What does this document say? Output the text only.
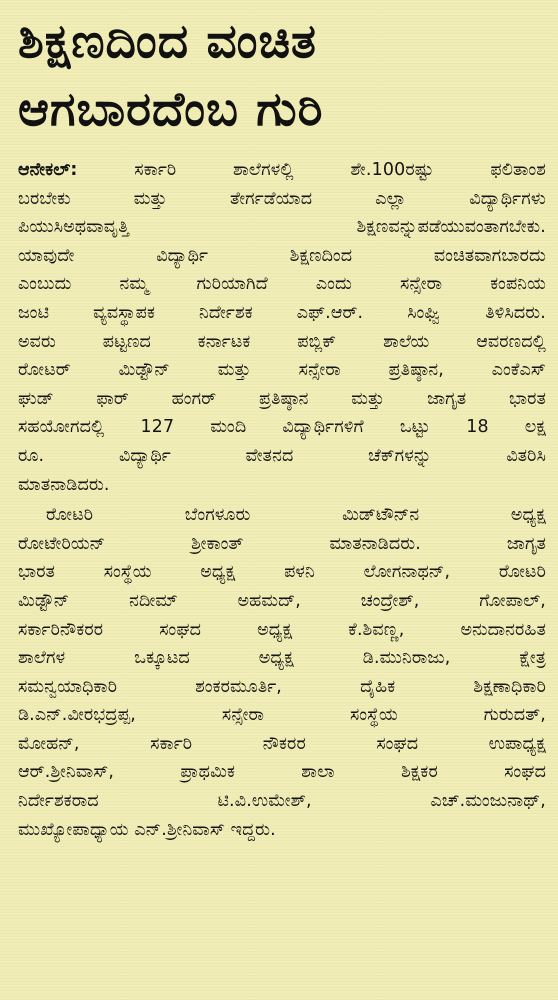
ಶಿಕ್ಷಣದಿಂದ ವಂಚಿತ
ಆಗಬಾರದೆಂಬ ಗುರಿ

ಆನೇಕಲ್: ಸರ್ಕಾರಿ ಶಾಲೆಗಳಲ್ಲಿ ಶೇ.100ರಷ್ಟು ಫಲಿತಾಂಶ
ಬರಬೇಕು ಮತ್ತು ತೇರ್ಗಡೆಯಾದ ಎಲ್ಲಾ ವಿದ್ಯಾರ್ಥಿಗಳು
ಪಿಯುಸಿಅಥವಾವೃತ್ತಿ ಶಿಕ್ಷಣವನ್ನುಪಡೆಯುವಂತಾಗಬೇಕು.
ಯಾವುದೇ ವಿದ್ಯಾರ್ಥಿ ಶಿಕ್ಷಣದಿಂದ ವಂಚಿತವಾಗಬಾರದು
ಎಂಬುದು ನಮ್ಮ ಗುರಿಯಾಗಿದೆ ಎಂದು ಸನ್ಸೇರಾ ಕಂಪನಿಯ
ಜಂಟಿ ವ್ಯವಸ್ಥಾಪಕ ನಿರ್ದೇಶಕ ಎಫ್.ಆರ್. ಸಿಂಘ್ವಿ ತಿಳಿಸಿದರು.
ಅವರು ಪಟ್ಟಣದ ಕರ್ನಾಟಕ ಪಬ್ಲಿಕ್ ಶಾಲೆಯ ಆವರಣದಲ್ಲಿ
ರೋಟರ್ ಮಿಡ್ಟೌನ್ ಮತ್ತು ಸನ್ಸೇರಾ ಪ್ರತಿಷ್ಠಾನ, ಎಂಕೆಎಸ್
ಘುಡ್ ಫಾರ್ ಹಂಗರ್ ಪ್ರತಿಷ್ಠಾನ ಮತ್ತು ಜಾಗೃತ ಭಾರತ
ಸಹಯೋಗದಲ್ಲಿ 127 ಮಂದಿ ವಿದ್ಯಾರ್ಥಿಗಳಿಗೆ ಒಟ್ಟು 18 ಲಕ್ಷ
ರೂ. ವಿದ್ಯಾರ್ಥಿ ವೇತನದ ಚೆಕ್‌ಗಳನ್ನು ವಿತರಿಸಿ
ಮಾತನಾಡಿದರು.

ರೋಟರಿ ಬೆಂಗಳೂರು ಮಿಡ್‌ಟೌನ್‌ನ ಅಧ್ಯಕ್ಷ
ರೋಟೇರಿಯನ್ ಶ್ರೀಕಾಂತ್ ಮಾತನಾಡಿದರು. ಜಾಗೃತ
ಭಾರತ ಸಂಸ್ಥೆಯ ಅಧ್ಯಕ್ಷ ಪಳನಿ ಲೋಗನಾಥನ್, ರೋಟರಿ
ಮಿಡ್ಟೌನ್ ನದೀಮ್ ಅಹಮದ್, ಚಂದ್ರೇಶ್, ಗೋಪಾಲ್,
ಸರ್ಕಾರಿನೌಕರರ ಸಂಘದ ಅಧ್ಯಕ್ಷ ಕೆ.ಶಿವಣ್ಣ, ಅನುದಾನರಹಿತ
ಶಾಲೆಗಳ ಒಕ್ಕೂಟದ ಅಧ್ಯಕ್ಷ ಡಿ.ಮುನಿರಾಜು, ಕ್ಷೇತ್ರ
ಸಮನ್ವಯಾಧಿಕಾರಿ ಶಂಕರಮೂರ್ತಿ, ದೈಹಿಕ ಶಿಕ್ಷಣಾಧಿಕಾರಿ
ಡಿ.ಎನ್.ವೀರಭದ್ರಪ್ಪ, ಸನ್ಸೇರಾ ಸಂಸ್ಥೆಯ ಗುರುದತ್,
ಮೋಹನ್, ಸರ್ಕಾರಿ ನೌಕರರ ಸಂಘದ ಉಪಾಧ್ಯಕ್ಷ
ಆರ್.ಶ್ರೀನಿವಾಸ್, ಪ್ರಾಥಮಿಕ ಶಾಲಾ ಶಿಕ್ಷಕರ ಸಂಘದ
ನಿರ್ದೇಶಕರಾದ ಟಿ.ವಿ.ಉಮೇಶ್, ಎಚ್.ಮಂಜುನಾಥ್,
ಮುಖ್ಯೋಪಾಧ್ಯಾಯ ಎನ್.ಶ್ರೀನಿವಾಸ್ ಇದ್ದರು.
